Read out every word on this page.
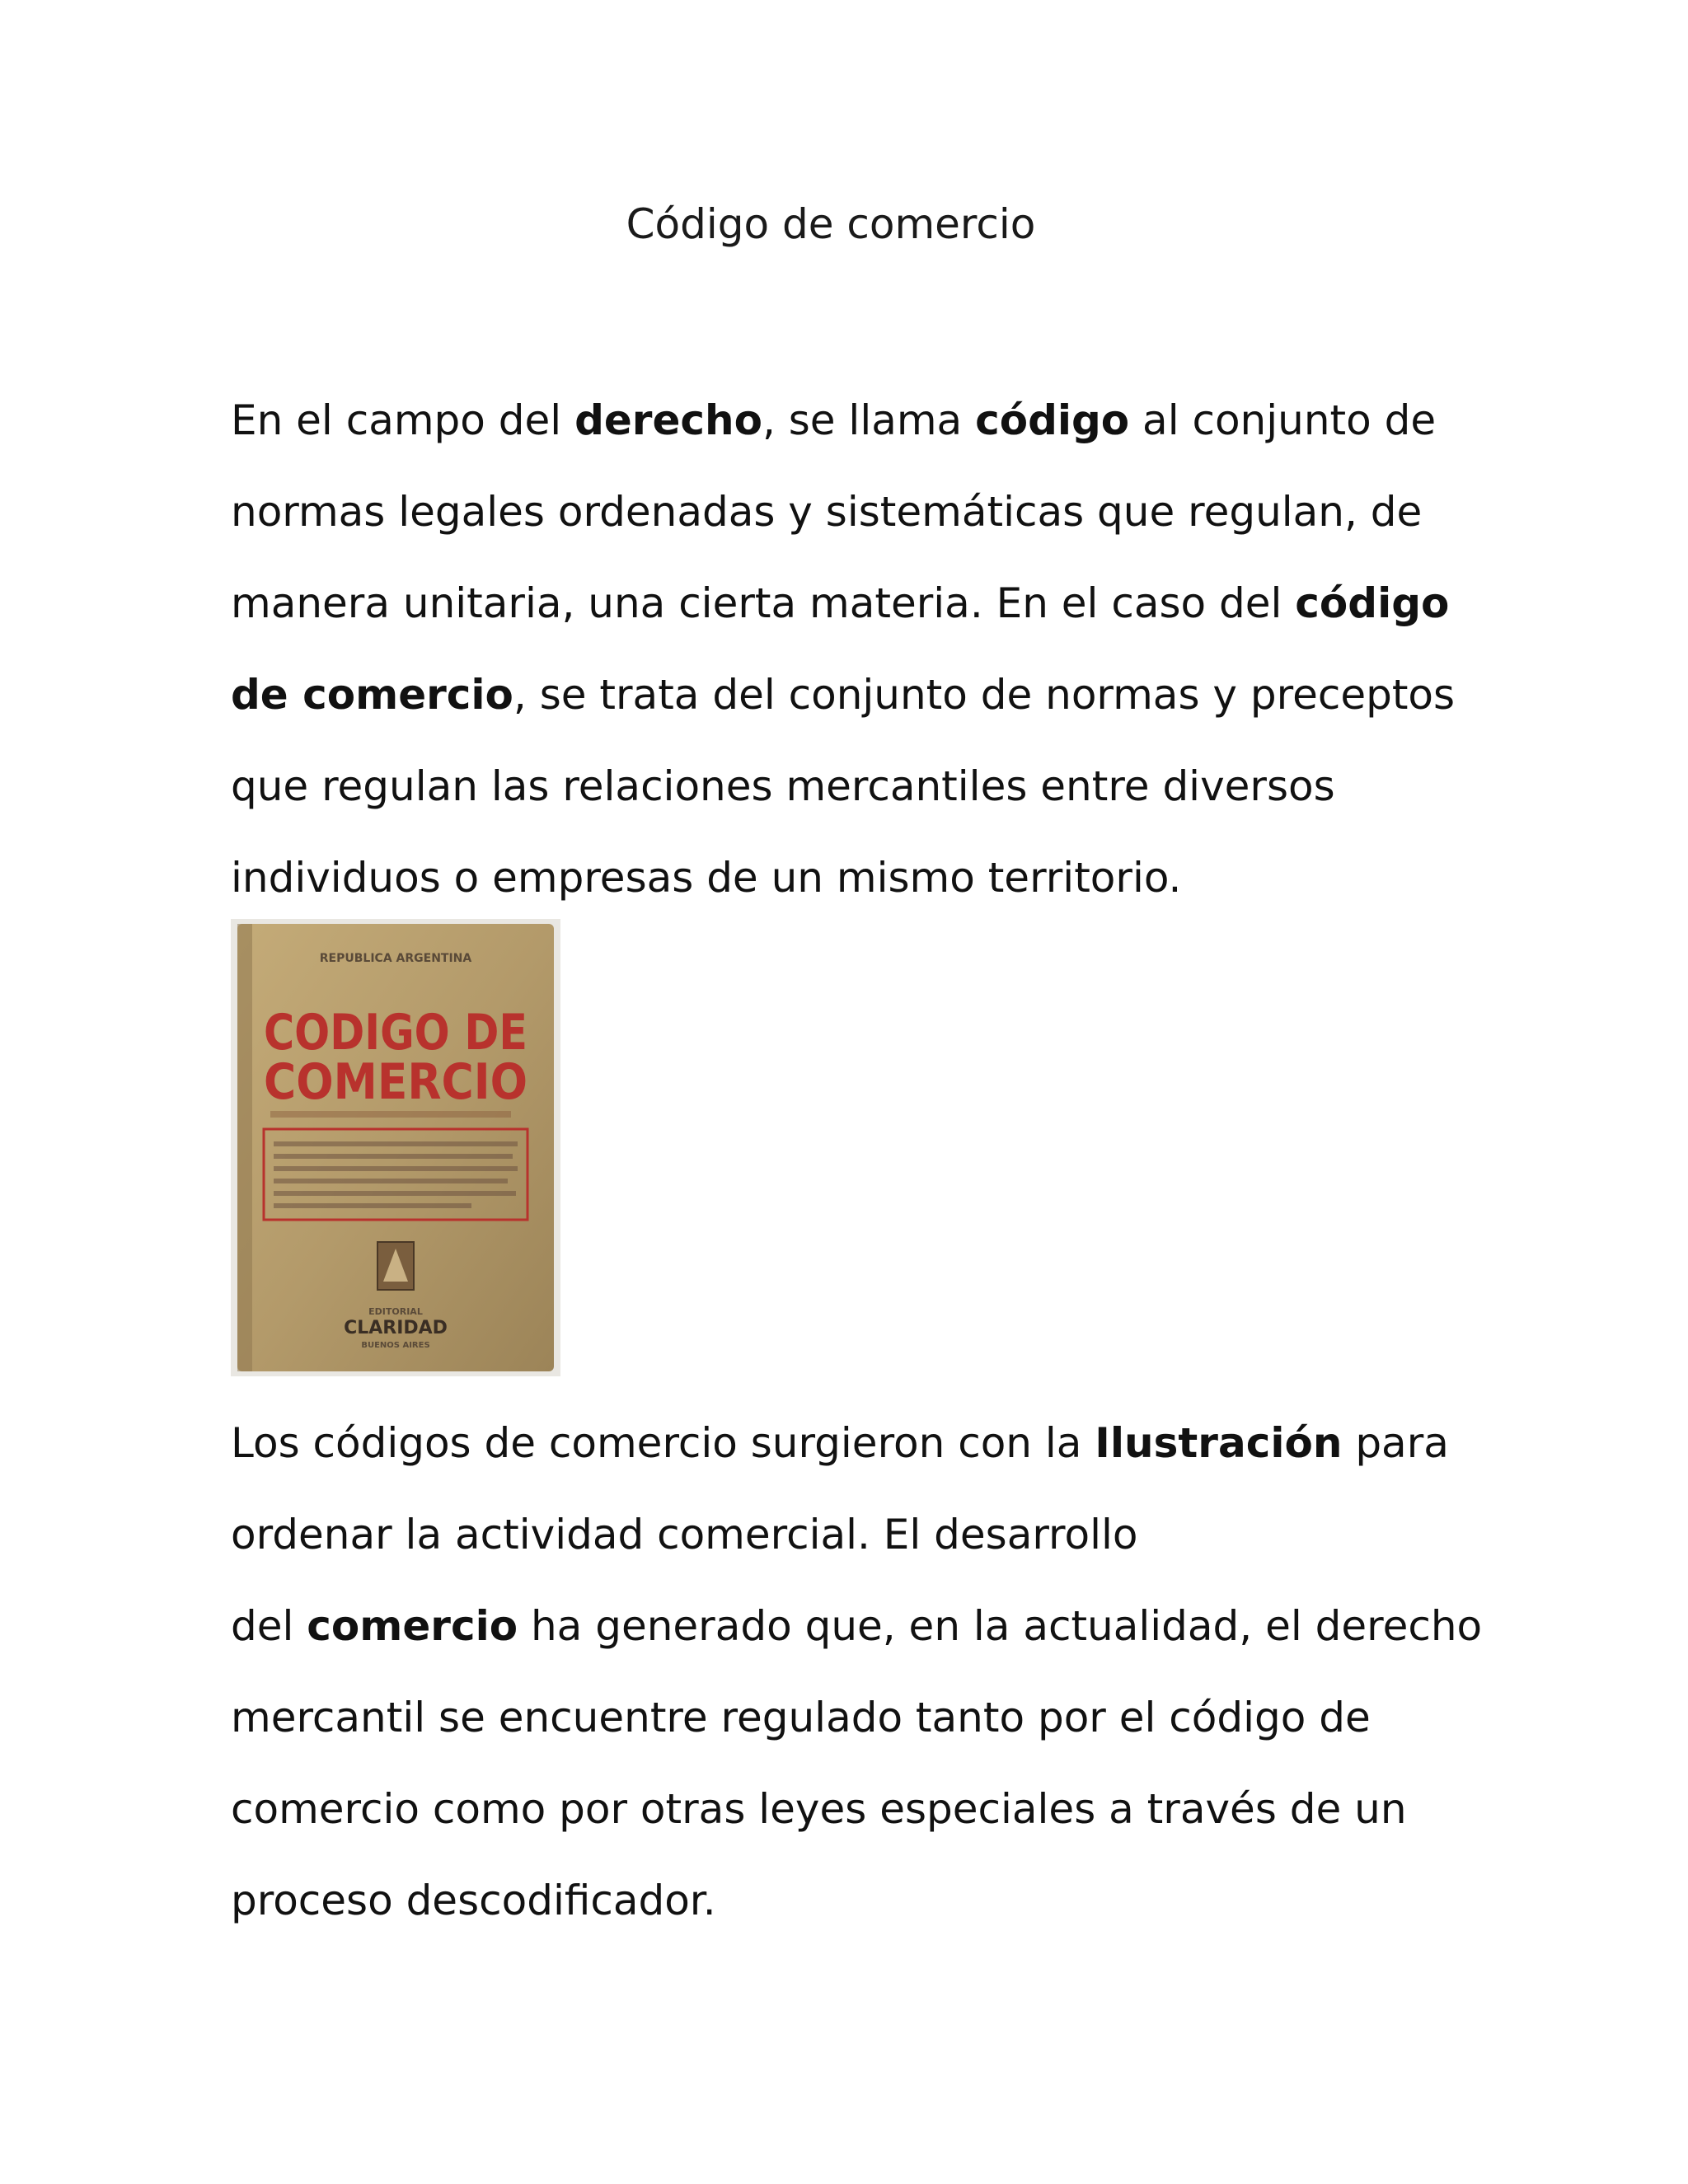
Código de comercio

En el campo del derecho, se llama código al conjunto de
normas legales ordenadas y sistemáticas que regulan, de
manera unitaria, una cierta materia. En el caso del código
de comercio, se trata del conjunto de normas y preceptos
que regulan las relaciones mercantiles entre diversos
individuos o empresas de un mismo territorio.

REPUBLICA ARGENTINA
CODIGO DE
COMERCIO
EDITORIAL
CLARIDAD
BUENOS AIRES

Los códigos de comercio surgieron con la Ilustración para
ordenar la actividad comercial. El desarrollo
del comercio ha generado que, en la actualidad, el derecho
mercantil se encuentre regulado tanto por el código de
comercio como por otras leyes especiales a través de un
proceso descodificador.
